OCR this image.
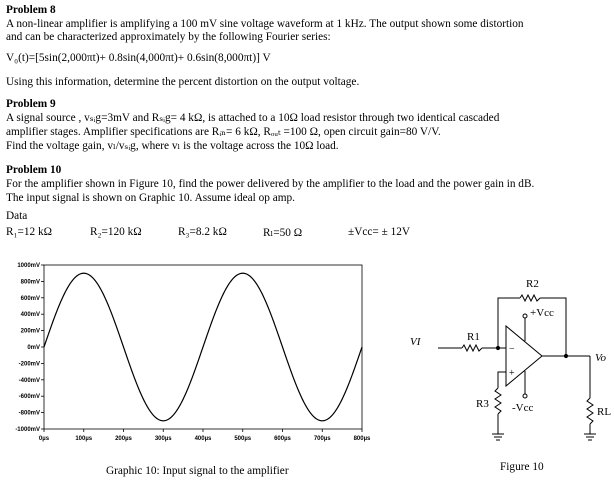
Problem 8
A non-linear amplifier is amplifying a 100 mV sine voltage waveform at 1 kHz. The output shown some distortion
and can be characterized approximately by the following Fourier series:
V₀(t)=[5sin(2,000πt)+ 0.8sin(4,000πt)+ 0.6sin(8,000πt)] V
Using this information, determine the percent distortion on the output voltage.
Problem 9
A signal source , vₛᵢg=3mV and Rₛᵢg= 4 kΩ, is attached to a 10Ω load resistor through two identical cascaded
amplifier stages. Amplifier specifications are Rᵢₙ= 6 kΩ, Rₒᵤₜ =100 Ω, open circuit gain=80 V/V.
Find the voltage gain, vₗ/vₛᵢg, where vₗ is the voltage across the 10Ω load.
Problem 10
For the amplifier shown in Figure 10, find the power delivered by the amplifier to the load and the power gain in dB.
The input signal is shown on Graphic 10. Assume ideal op amp.
Data
R₁=12 kΩ	R₂=120 kΩ	R₃=8.2 kΩ	Rₗ=50 Ω	±Vcc= ± 12V
1000mV
800mV
600mV
400mV
200mV
0mV
-200mV
-400mV
-600mV
-800mV
-1000mV
0µs	100µs	200µs	300µs	400µs	500µs	600µs	700µs	800µs
Graphic 10: Input signal to the amplifier
−
+
R2
+Vcc
VI	R1
Vo
R3 -Vcc	RL
Figure 10
